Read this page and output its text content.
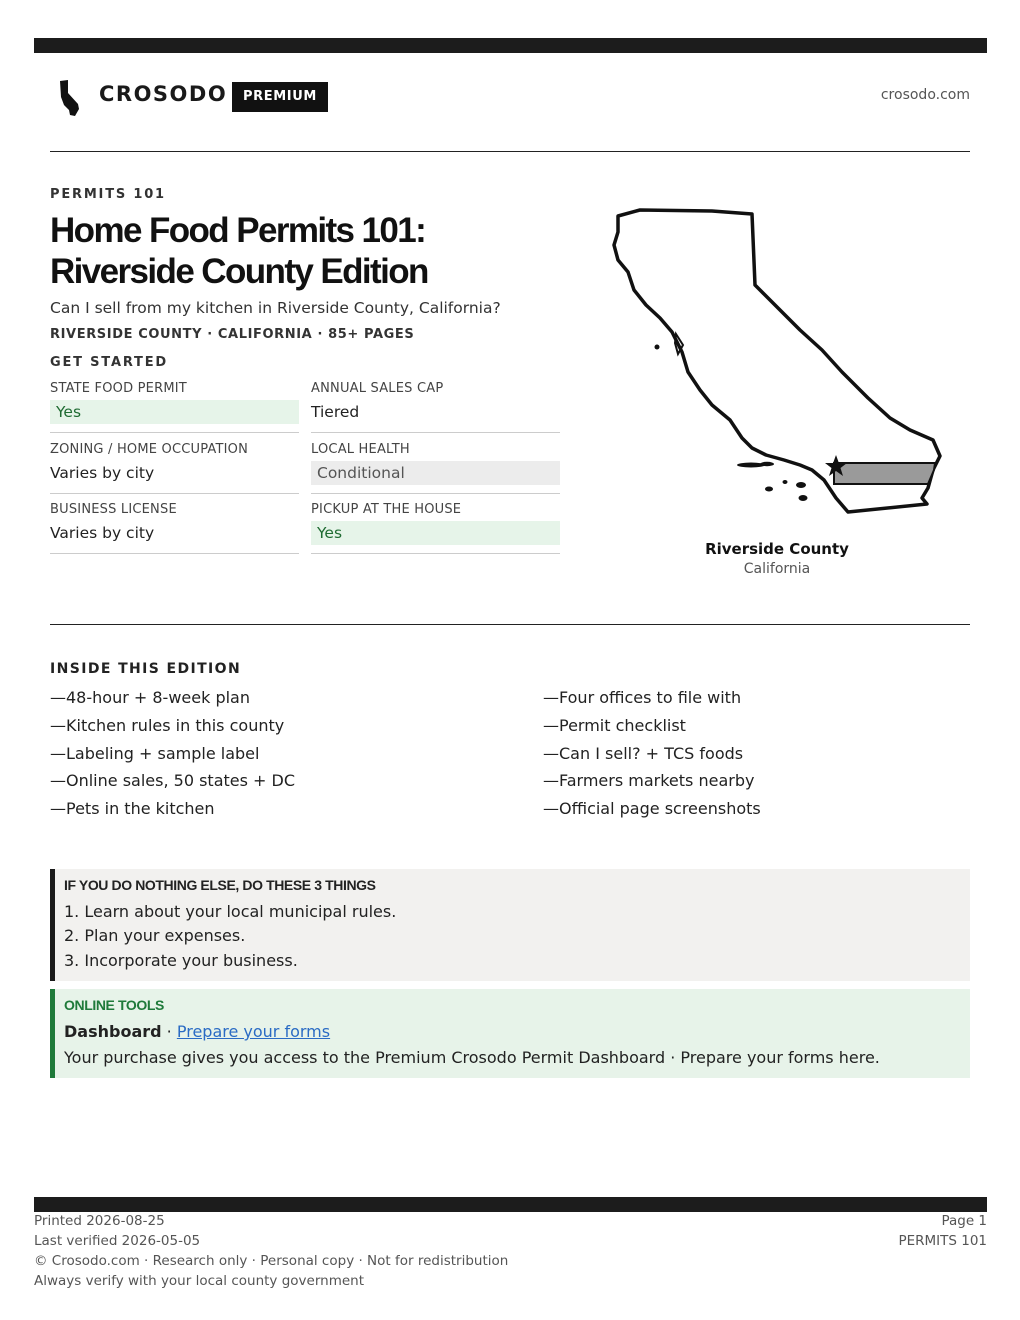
CROSODO	PREMIUM	crosodo.com
PERMITS 101
Home Food Permits 101:
Riverside County Edition
Can I sell from my kitchen in Riverside County, California?
RIVERSIDE COUNTY · CALIFORNIA · 85+ PAGES
GET STARTED
STATE FOOD PERMIT
Yes
ANNUAL SALES CAP
Tiered
ZONING / HOME OCCUPATION
Varies by city
LOCAL HEALTH
Conditional
BUSINESS LICENSE
Varies by city
PICKUP AT THE HOUSE
Yes
Riverside County
California
INSIDE THIS EDITION
—48-hour + 8-week plan
—Kitchen rules in this county
—Labeling + sample label
—Online sales, 50 states + DC
—Pets in the kitchen
—Four offices to file with
—Permit checklist
—Can I sell? + TCS foods
—Farmers markets nearby
—Official page screenshots
IF YOU DO NOTHING ELSE, DO THESE 3 THINGS
1. Learn about your local municipal rules.
2. Plan your expenses.
3. Incorporate your business.
ONLINE TOOLS
Dashboard · Prepare your forms
Your purchase gives you access to the Premium Crosodo Permit Dashboard · Prepare your forms here.
Printed 2026-08-25
Last verified 2026-05-05
© Crosodo.com · Research only · Personal copy · Not for redistribution
Always verify with your local county government
Page 1
PERMITS 101
